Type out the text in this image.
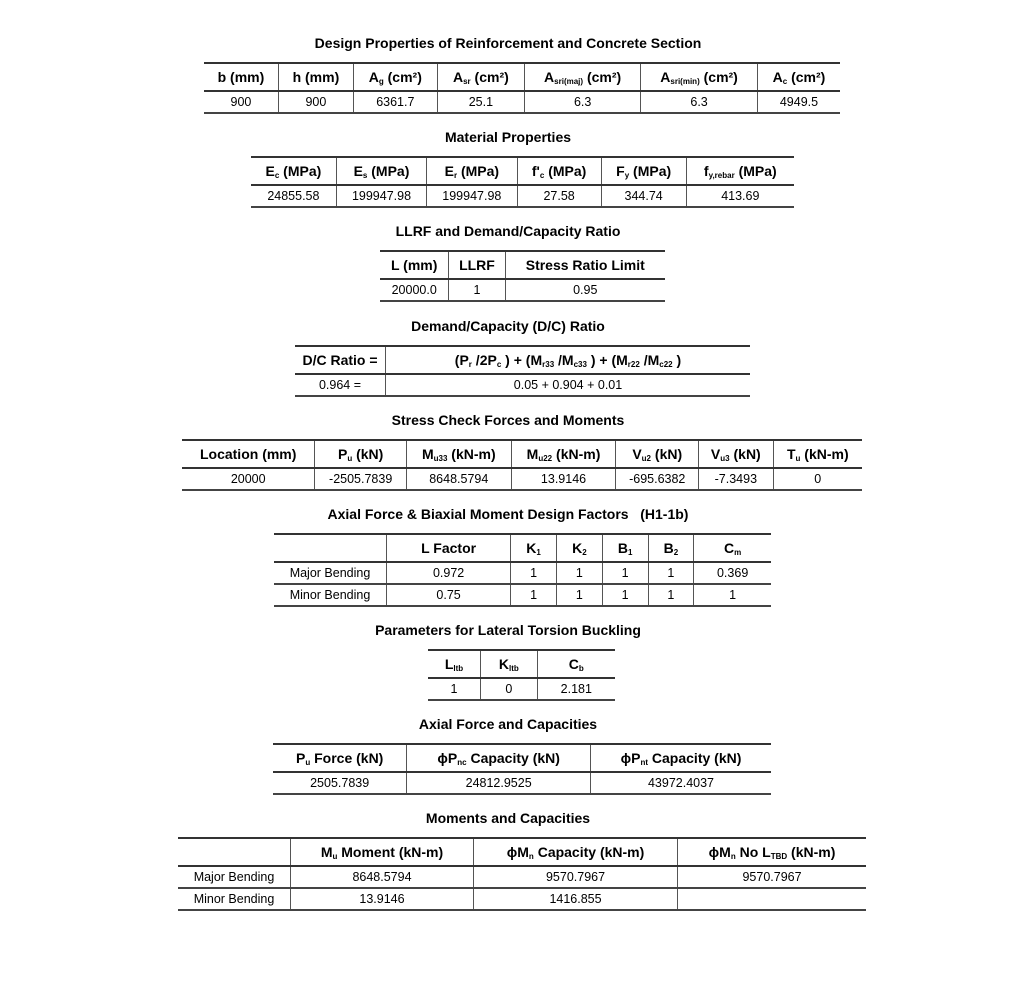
Design Properties of Reinforcement and Concrete Section
b (mm)	h (mm)	$A_g$ (cm²)	$A_{sr}$ (cm²)	$A_{sri(maj)}$ (cm²)	$A_{sri(min)}$ (cm²)	$A_c$ (cm²)
900	900	6361.7	25.1	6.3	6.3	4949.5
Material Properties
$E_c$ (MPa)	$E_s$ (MPa)	$E_r$ (MPa)	$f'_c$ (MPa)	$F_y$ (MPa)	$f_{y,rebar}$ (MPa)
24855.58	199947.98	199947.98	27.58	344.74	413.69
LLRF and Demand/Capacity Ratio
L (mm)	LLRF	Stress Ratio Limit
20000.0	1	0.95
Demand/Capacity (D/C) Ratio
D/C Ratio =	($P_r$ $/2P_c$ ) + ($M_{r33}$ $/M_{c33}$ ) + ($M_{r22}$ $/M_{c22}$ )
0.964 =	0.05 + 0.904 + 0.01
Stress Check Forces and Moments
Location (mm)	$P_u$ (kN)	$M_{u33}$ (kN-m)	$M_{u22}$ (kN-m)	$V_{u2}$ (kN)	$V_{u3}$ (kN)	$T_u$ (kN-m)
20000	-2505.7839	8648.5794	13.9146	-695.6382	-7.3493	0
Axial Force & Biaxial Moment Design Factors   (H1-1b)
	L Factor	$K_1$	$K_2$	$B_1$	$B_2$	$C_m$
Major Bending	0.972	1	1	1	1	0.369
Minor Bending	0.75	1	1	1	1	1
Parameters for Lateral Torsion Buckling
$L_{ltb}$	$K_{ltb}$	$C_b$
1	0	2.181
Axial Force and Capacities
$P_u$ Force (kN)	$\phi P_{nc}$ Capacity (kN)	$\phi P_{nt}$ Capacity (kN)
2505.7839	24812.9525	43972.4037
Moments and Capacities
	$M_u$ Moment (kN-m)	$\phi M_n$ Capacity (kN-m)	$\phi M_n$ No $L_{TBD}$ (kN-m)
Major Bending	8648.5794	9570.7967	9570.7967
Minor Bending	13.9146	1416.855	
